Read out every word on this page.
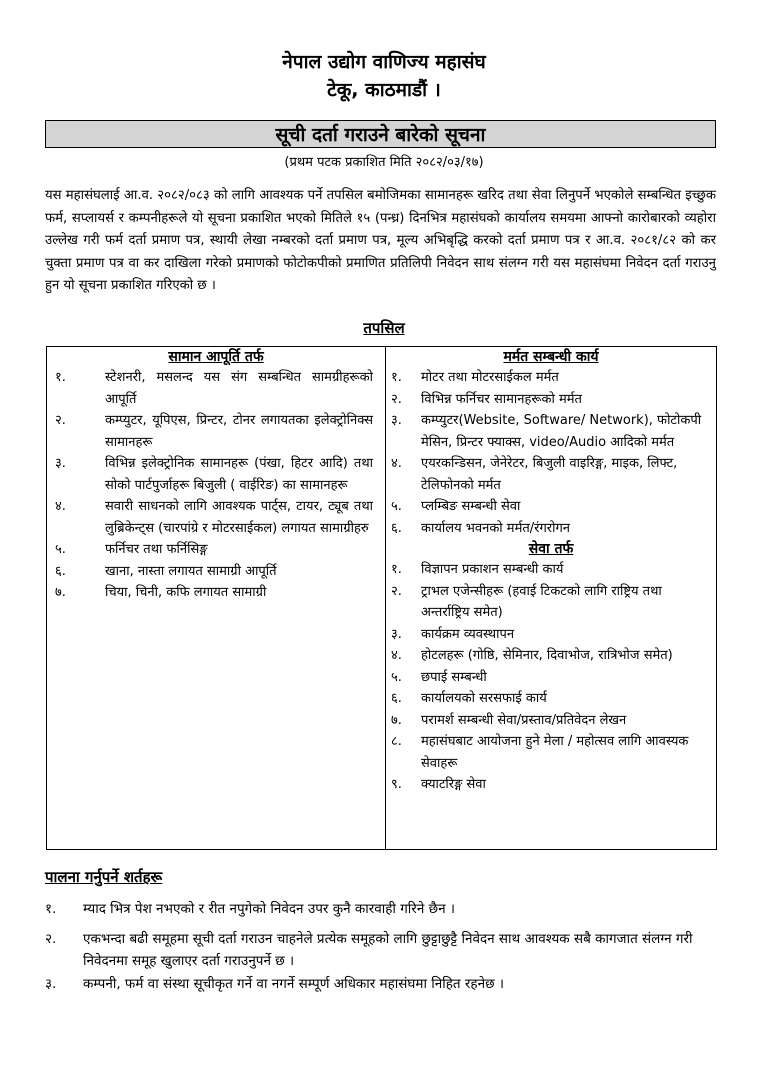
नेपाल उद्योग वाणिज्य महासंघ
टेकू, काठमाडौं ।
सूची दर्ता गराउने बारेको सूचना
(प्रथम पटक प्रकाशित मिति २०८२/०३/१७)

यस महासंघलाई आ.व. २०८२/०८३ को लागि आवश्यक पर्ने तपसिल बमोजिमका सामानहरू खरिद तथा सेवा लिनुपर्ने भएकोले सम्बन्धित इच्छुक फर्म, सप्लायर्स र कम्पनीहरूले यो सूचना प्रकाशित भएको मितिले १५ (पन्ध्र) दिनभित्र महासंघको कार्यालय समयमा आफ्नो कारोबारको व्यहोरा उल्लेख गरी फर्म दर्ता प्रमाण पत्र, स्थायी लेखा नम्बरको दर्ता प्रमाण पत्र, मूल्य अभिबृद्धि करको दर्ता प्रमाण पत्र र आ.व. २०८१/८२ को कर चुक्ता प्रमाण पत्र वा कर दाखिला गरेको प्रमाणको फोटोकपीको प्रमाणित प्रतिलिपी निवेदन साथ संलग्न गरी यस महासंघमा निवेदन दर्ता गराउनु हुन यो सूचना प्रकाशित गरिएको छ ।

तपसिल
सामान आपूर्ति तर्फ
१.	स्टेशनरी, मसलन्द यस संग सम्बन्धित सामग्रीहरूको आपूर्ति
२.	कम्प्युटर, यूपिएस, प्रिन्टर, टोनर लगायतका इलेक्ट्रोनिक्स सामानहरू
३.	विभिन्न इलेक्ट्रोनिक सामानहरू (पंखा, हिटर आदि) तथा सोको पार्टपुर्जाहरू बिजुली ( वाईरिङ) का सामानहरू
४.	सवारी साधनको लागि आवश्यक पार्ट्स, टायर, ट्यूब तथा लुब्रिकेन्ट्स (चारपांग्रे र मोटरसाईकल) लगायत सामाग्रीहरु
५.	फर्निचर तथा फर्निसिङ्ग
६.	खाना, नास्ता लगायत सामाग्री आपूर्ति
७.	चिया, चिनी, कफि लगायत सामाग्री
मर्मत सम्बन्धी कार्य
१.	मोटर तथा मोटरसाईकल मर्मत
२.	विभिन्न फर्निचर सामानहरूको मर्मत
३.	कम्प्युटर(Website, Software/ Network), फोटोकपी मेसिन, प्रिन्टर फ्याक्स, video/Audio आदिको मर्मत
४.	एयरकन्डिसन, जेनेरेटर, बिजुली वाइरिङ्ग, माइक, लिफ्ट, टेलिफोनको मर्मत
५.	प्लम्बिङ सम्बन्धी सेवा
६.	कार्यालय भवनको मर्मत/रंगरोगन
सेवा तर्फ
१.	विज्ञापन प्रकाशन सम्बन्धी कार्य
२.	ट्राभल एजेन्सीहरू (हवाई टिकटको लागि राष्ट्रिय तथा अन्तर्राष्ट्रिय समेत)
३.	कार्यक्रम व्यवस्थापन
४.	होटलहरू (गोष्ठि, सेमिनार, दिवाभोज, रात्रिभोज समेत)
५.	छपाई सम्बन्धी
६.	कार्यालयको सरसफाई कार्य
७.	परामर्श सम्बन्धी सेवा/प्रस्ताव/प्रतिवेदन लेखन
८.	महासंघबाट आयोजना हुने मेला / महोत्सव लागि आवस्यक सेवाहरू
९.	क्याटरिङ्ग सेवा
पालना गर्नुपर्ने शर्तहरू
१.	म्याद भित्र पेश नभएको र रीत नपुगेको निवेदन उपर कुनै कारवाही गरिने छैन ।
२.	एकभन्दा बढी समूहमा सूची दर्ता गराउन चाहनेले प्रत्येक समूहको लागि छुट्टाछुट्टै निवेदन साथ आवश्यक सबै कागजात संलग्न गरी निवेदनमा समूह खुलाएर दर्ता गराउनुपर्ने छ ।
३.	कम्पनी, फर्म वा संस्था सूचीकृत गर्ने वा नगर्ने सम्पूर्ण अधिकार महासंघमा निहित रहनेछ ।
